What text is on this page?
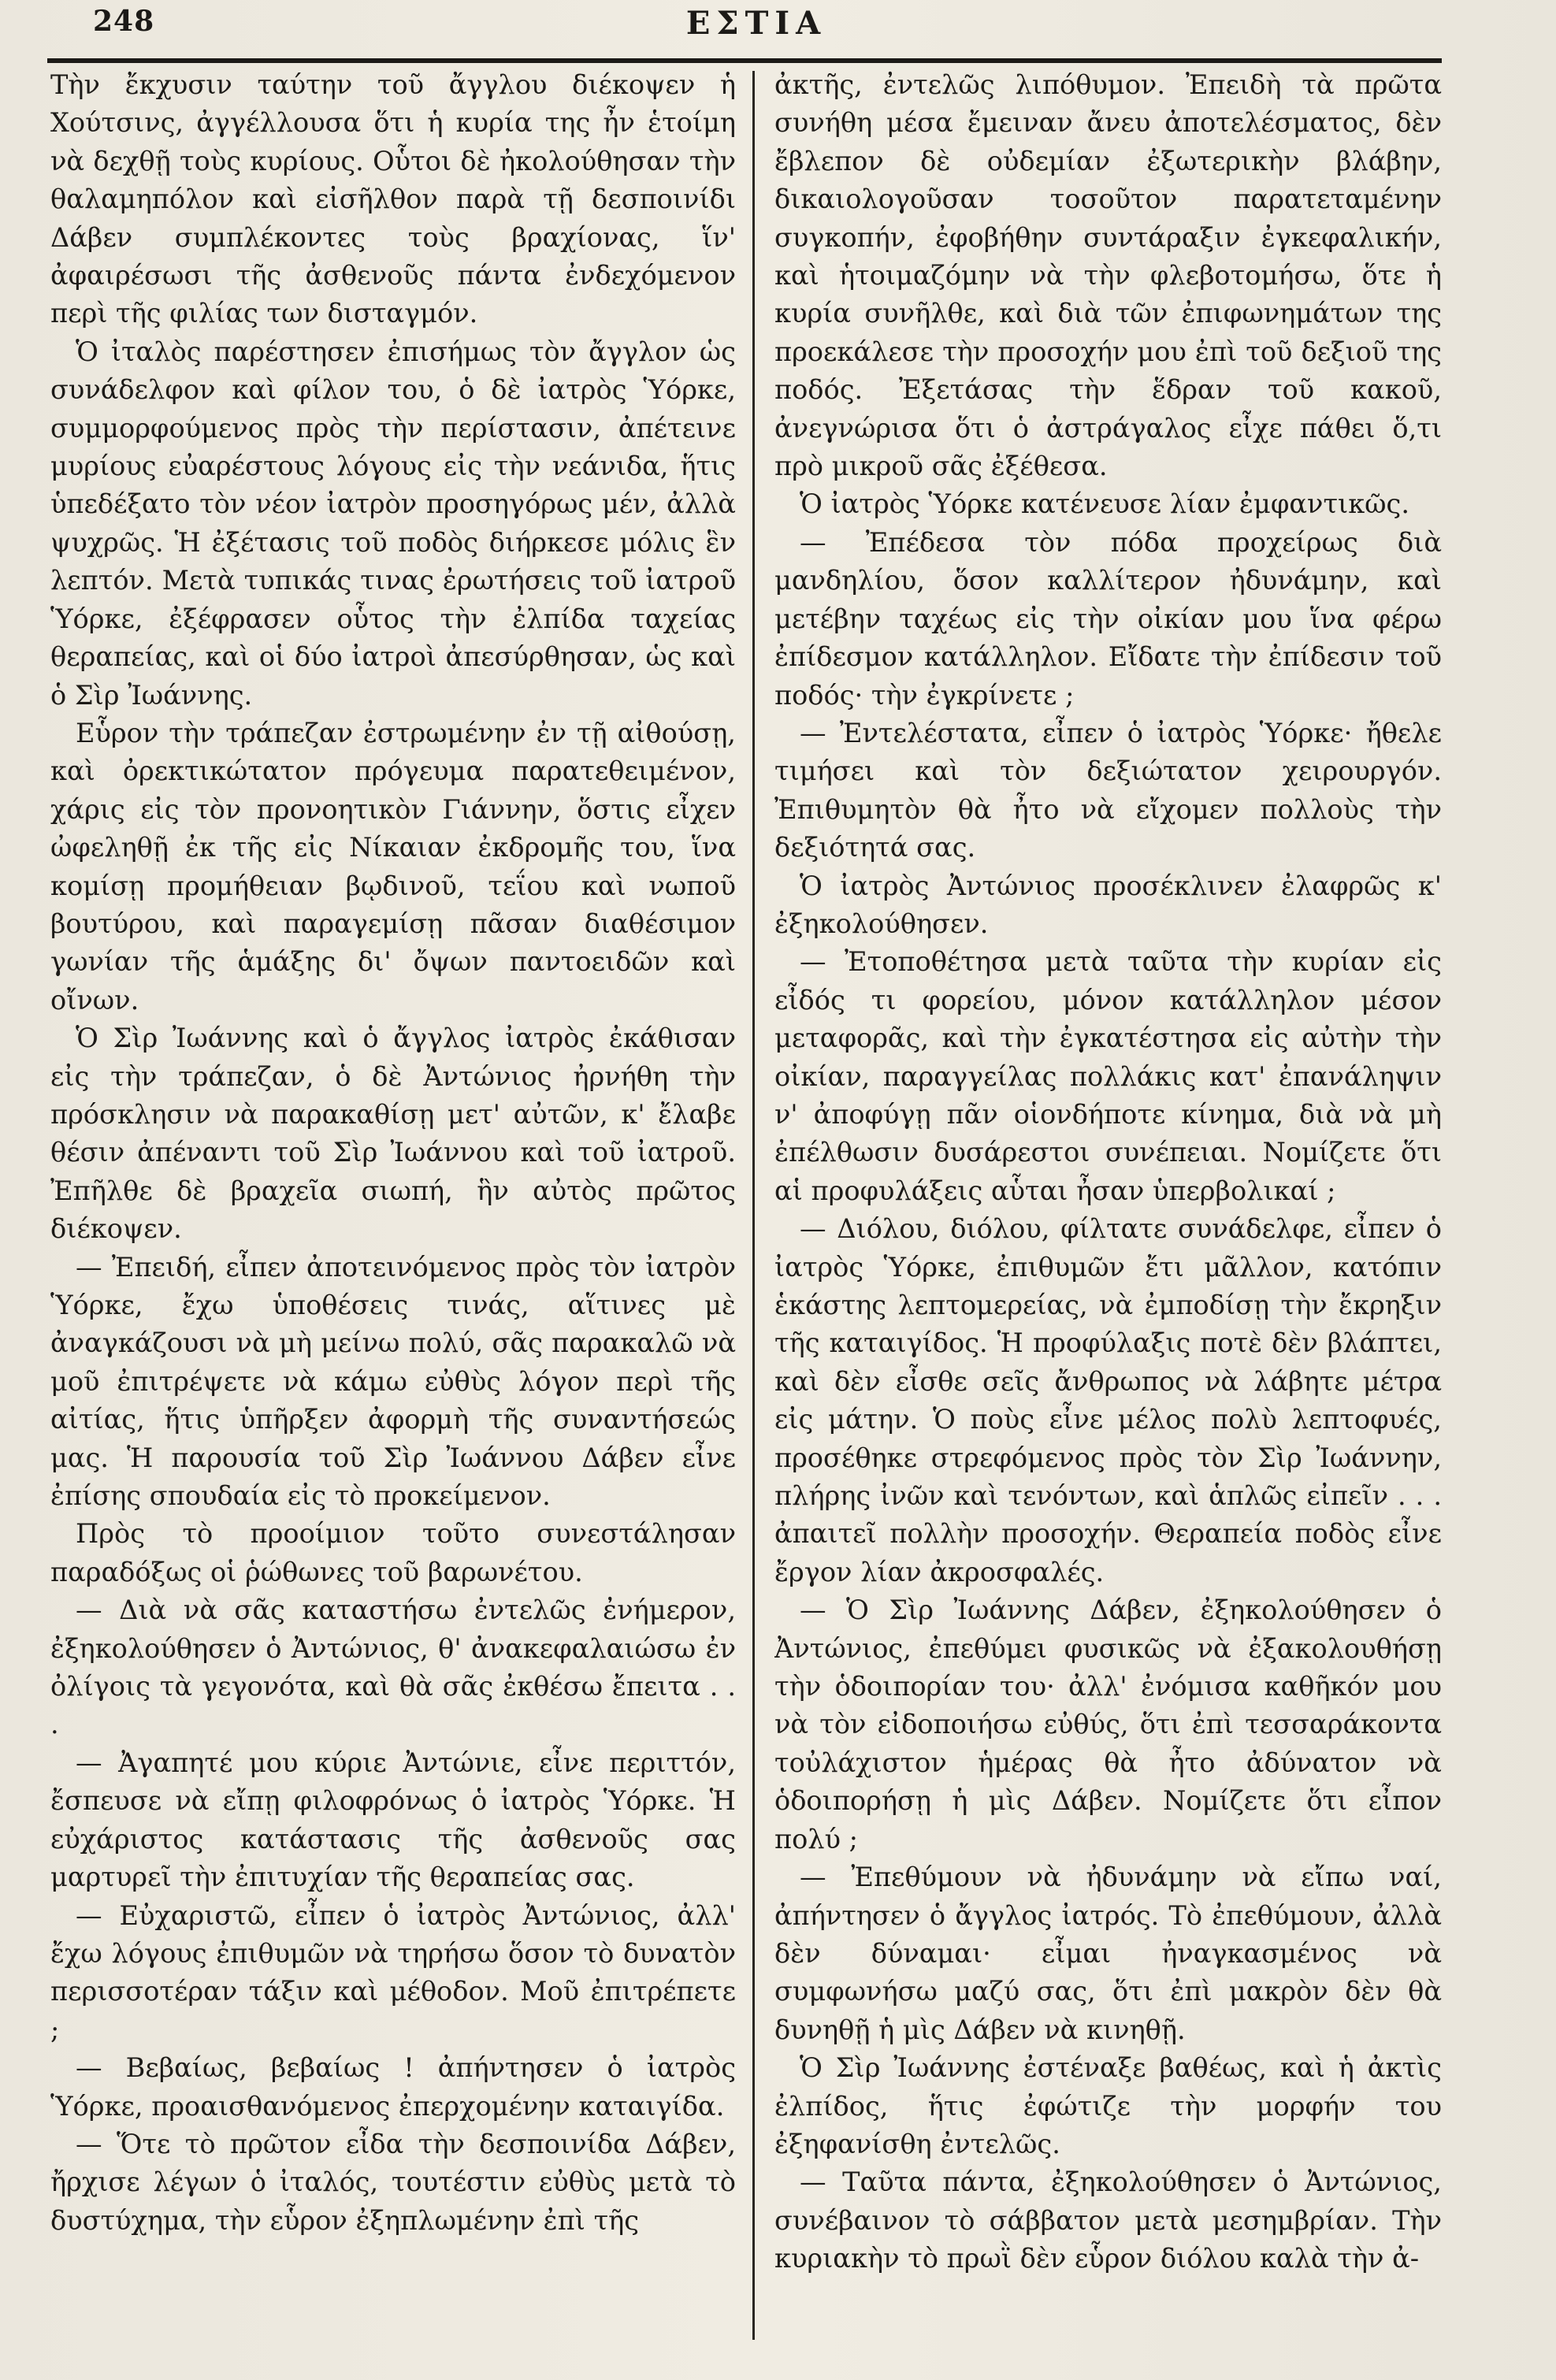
248	ΕΣΤΙΑ

Τὴν ἔκχυσιν ταύτην τοῦ ἄγγλου διέκοψεν ἡ Χούτσινς, ἀγγέλλουσα ὅτι ἡ κυρία της ἦν ἑτοίμη νὰ δεχθῇ τοὺς κυρίους. Οὗτοι δὲ ἠκολούθησαν τὴν θαλαμηπόλον καὶ εἰσῆλθον παρὰ τῇ δεσποινίδι Δάβεν συμπλέκοντες τοὺς βραχίονας, ἵν' ἀφαιρέσωσι τῆς ἀσθενοῦς πάντα ἐνδεχόμενον περὶ τῆς φιλίας των δισταγμόν.

Ὁ ἰταλὸς παρέστησεν ἐπισήμως τὸν ἄγγλον ὡς συνάδελφον καὶ φίλον του, ὁ δὲ ἰατρὸς Ὑόρκε, συμμορφούμενος πρὸς τὴν περίστασιν, ἀπέτεινε μυρίους εὐαρέστους λόγους εἰς τὴν νεάνιδα, ἥτις ὑπεδέξατο τὸν νέον ἰατρὸν προσηγόρως μέν, ἀλλὰ ψυχρῶς. Ἡ ἐξέτασις τοῦ ποδὸς διήρκεσε μόλις ἓν λεπτόν. Μετὰ τυπικάς τινας ἐρωτήσεις τοῦ ἰατροῦ Ὑόρκε, ἐξέφρασεν οὗτος τὴν ἐλπίδα ταχείας θεραπείας, καὶ οἱ δύο ἰατροὶ ἀπεσύρθησαν, ὡς καὶ ὁ Σὶρ Ἰωάννης.

Εὗρον τὴν τράπεζαν ἐστρωμένην ἐν τῇ αἰθούσῃ, καὶ ὀρεκτικώτατον πρόγευμα παρατεθειμένον, χάρις εἰς τὸν προνοητικὸν Γιάννην, ὅστις εἶχεν ὠφεληθῇ ἐκ τῆς εἰς Νίκαιαν ἐκδρομῆς του, ἵνα κομίσῃ προμήθειαν βῳδινοῦ, τεΐου καὶ νωποῦ βουτύρου, καὶ παραγεμίσῃ πᾶσαν διαθέσιμον γωνίαν τῆς ἁμάξης δι' ὄψων παντοειδῶν καὶ οἴνων.

Ὁ Σὶρ Ἰωάννης καὶ ὁ ἄγγλος ἰατρὸς ἐκάθισαν εἰς τὴν τράπεζαν, ὁ δὲ Ἀντώνιος ἠρνήθη τὴν πρόσκλησιν νὰ παρακαθίσῃ μετ' αὐτῶν, κ' ἔλαβε θέσιν ἀπέναντι τοῦ Σὶρ Ἰωάννου καὶ τοῦ ἰατροῦ. Ἐπῆλθε δὲ βραχεῖα σιωπή, ἣν αὐτὸς πρῶτος διέκοψεν.

— Ἐπειδή, εἶπεν ἀποτεινόμενος πρὸς τὸν ἰατρὸν Ὑόρκε, ἔχω ὑποθέσεις τινάς, αἵτινες μὲ ἀναγκάζουσι νὰ μὴ μείνω πολύ, σᾶς παρακαλῶ νὰ μοῦ ἐπιτρέψετε νὰ κάμω εὐθὺς λόγον περὶ τῆς αἰτίας, ἥτις ὑπῆρξεν ἀφορμὴ τῆς συναντήσεώς μας. Ἡ παρουσία τοῦ Σὶρ Ἰωάννου Δάβεν εἶνε ἐπίσης σπουδαία εἰς τὸ προκείμενον.

Πρὸς τὸ προοίμιον τοῦτο συνεστάλησαν παραδόξως οἱ ῥώθωνες τοῦ βαρωνέτου.

— Διὰ νὰ σᾶς καταστήσω ἐντελῶς ἐνήμερον, ἐξηκολούθησεν ὁ Ἀντώνιος, θ' ἀνακεφαλαιώσω ἐν ὀλίγοις τὰ γεγονότα, καὶ θὰ σᾶς ἐκθέσω ἔπειτα . . .

— Ἀγαπητέ μου κύριε Ἀντώνιε, εἶνε περιττόν, ἔσπευσε νὰ εἴπῃ φιλοφρόνως ὁ ἰατρὸς Ὑόρκε. Ἡ εὐχάριστος κατάστασις τῆς ἀσθενοῦς σας μαρτυρεῖ τὴν ἐπιτυχίαν τῆς θεραπείας σας.

— Εὐχαριστῶ, εἶπεν ὁ ἰατρὸς Ἀντώνιος, ἀλλ' ἔχω λόγους ἐπιθυμῶν νὰ τηρήσω ὅσον τὸ δυνατὸν περισσοτέραν τάξιν καὶ μέθοδον. Μοῦ ἐπιτρέπετε ;

— Βεβαίως, βεβαίως ! ἀπήντησεν ὁ ἰατρὸς Ὑόρκε, προαισθανόμενος ἐπερχομένην καταιγίδα.

— Ὅτε τὸ πρῶτον εἶδα τὴν δεσποινίδα Δάβεν, ἤρχισε λέγων ὁ ἰταλός, τουτέστιν εὐθὺς μετὰ τὸ δυστύχημα, τὴν εὗρον ἐξηπλωμένην ἐπὶ τῆς

ἀκτῆς, ἐντελῶς λιπόθυμον. Ἐπειδὴ τὰ πρῶτα συνήθη μέσα ἔμειναν ἄνευ ἀποτελέσματος, δὲν ἔβλεπον δὲ οὐδεμίαν ἐξωτερικὴν βλάβην, δικαιολογοῦσαν τοσοῦτον παρατεταμένην συγκοπήν, ἐφοβήθην συντάραξιν ἐγκεφαλικήν, καὶ ἡτοιμαζόμην νὰ τὴν φλεβοτομήσω, ὅτε ἡ κυρία συνῆλθε, καὶ διὰ τῶν ἐπιφωνημάτων της προεκάλεσε τὴν προσοχήν μου ἐπὶ τοῦ δεξιοῦ της ποδός. Ἐξετάσας τὴν ἕδραν τοῦ κακοῦ, ἀνεγνώρισα ὅτι ὁ ἀστράγαλος εἶχε πάθει ὅ,τι πρὸ μικροῦ σᾶς ἐξέθεσα.

Ὁ ἰατρὸς Ὑόρκε κατένευσε λίαν ἐμφαντικῶς.

— Ἐπέδεσα τὸν πόδα προχείρως διὰ μανδηλίου, ὅσον καλλίτερον ἠδυνάμην, καὶ μετέβην ταχέως εἰς τὴν οἰκίαν μου ἵνα φέρω ἐπίδεσμον κατάλληλον. Εἴδατε τὴν ἐπίδεσιν τοῦ ποδός· τὴν ἐγκρίνετε ;

— Ἐντελέστατα, εἶπεν ὁ ἰατρὸς Ὑόρκε· ἤθελε τιμήσει καὶ τὸν δεξιώτατον χειρουργόν. Ἐπιθυμητὸν θὰ ἦτο νὰ εἴχομεν πολλοὺς τὴν δεξιότητά σας.

Ὁ ἰατρὸς Ἀντώνιος προσέκλινεν ἐλαφρῶς κ' ἐξηκολούθησεν.

— Ἐτοποθέτησα μετὰ ταῦτα τὴν κυρίαν εἰς εἶδός τι φορείου, μόνον κατάλληλον μέσον μεταφορᾶς, καὶ τὴν ἐγκατέστησα εἰς αὐτὴν τὴν οἰκίαν, παραγγείλας πολλάκις κατ' ἐπανάληψιν ν' ἀποφύγῃ πᾶν οἱονδήποτε κίνημα, διὰ νὰ μὴ ἐπέλθωσιν δυσάρεστοι συνέπειαι. Νομίζετε ὅτι αἱ προφυλάξεις αὗται ἦσαν ὑπερβολικαί ;

— Διόλου, διόλου, φίλτατε συνάδελφε, εἶπεν ὁ ἰατρὸς Ὑόρκε, ἐπιθυμῶν ἔτι μᾶλλον, κατόπιν ἑκάστης λεπτομερείας, νὰ ἐμποδίσῃ τὴν ἔκρηξιν τῆς καταιγίδος. Ἡ προφύλαξις ποτὲ δὲν βλάπτει, καὶ δὲν εἶσθε σεῖς ἄνθρωπος νὰ λάβητε μέτρα εἰς μάτην. Ὁ ποὺς εἶνε μέλος πολὺ λεπτοφυές, προσέθηκε στρεφόμενος πρὸς τὸν Σὶρ Ἰωάννην, πλήρης ἰνῶν καὶ τενόντων, καὶ ἁπλῶς εἰπεῖν . . . ἀπαιτεῖ πολλὴν προσοχήν. Θεραπεία ποδὸς εἶνε ἔργον λίαν ἀκροσφαλές.

— Ὁ Σὶρ Ἰωάννης Δάβεν, ἐξηκολούθησεν ὁ Ἀντώνιος, ἐπεθύμει φυσικῶς νὰ ἐξακολουθήσῃ τὴν ὁδοιπορίαν του· ἀλλ' ἐνόμισα καθῆκόν μου νὰ τὸν εἰδοποιήσω εὐθύς, ὅτι ἐπὶ τεσσαράκοντα τοὐλάχιστον ἡμέρας θὰ ἦτο ἀδύνατον νὰ ὁδοιπορήσῃ ἡ μὶς Δάβεν. Νομίζετε ὅτι εἶπον πολύ ;

— Ἐπεθύμουν νὰ ἠδυνάμην νὰ εἴπω ναί, ἀπήντησεν ὁ ἄγγλος ἰατρός. Τὸ ἐπεθύμουν, ἀλλὰ δὲν δύναμαι· εἶμαι ἠναγκασμένος νὰ συμφωνήσω μαζύ σας, ὅτι ἐπὶ μακρὸν δὲν θὰ δυνηθῇ ἡ μὶς Δάβεν νὰ κινηθῇ.

Ὁ Σὶρ Ἰωάννης ἐστέναξε βαθέως, καὶ ἡ ἀκτὶς ἐλπίδος, ἥτις ἐφώτιζε τὴν μορφήν του ἐξηφανίσθη ἐντελῶς.

— Ταῦτα πάντα, ἐξηκολούθησεν ὁ Ἀντώνιος, συνέβαινον τὸ σάββατον μετὰ μεσημβρίαν. Τὴν κυριακὴν τὸ πρωῒ δὲν εὗρον διόλου καλὰ τὴν ἀ-
